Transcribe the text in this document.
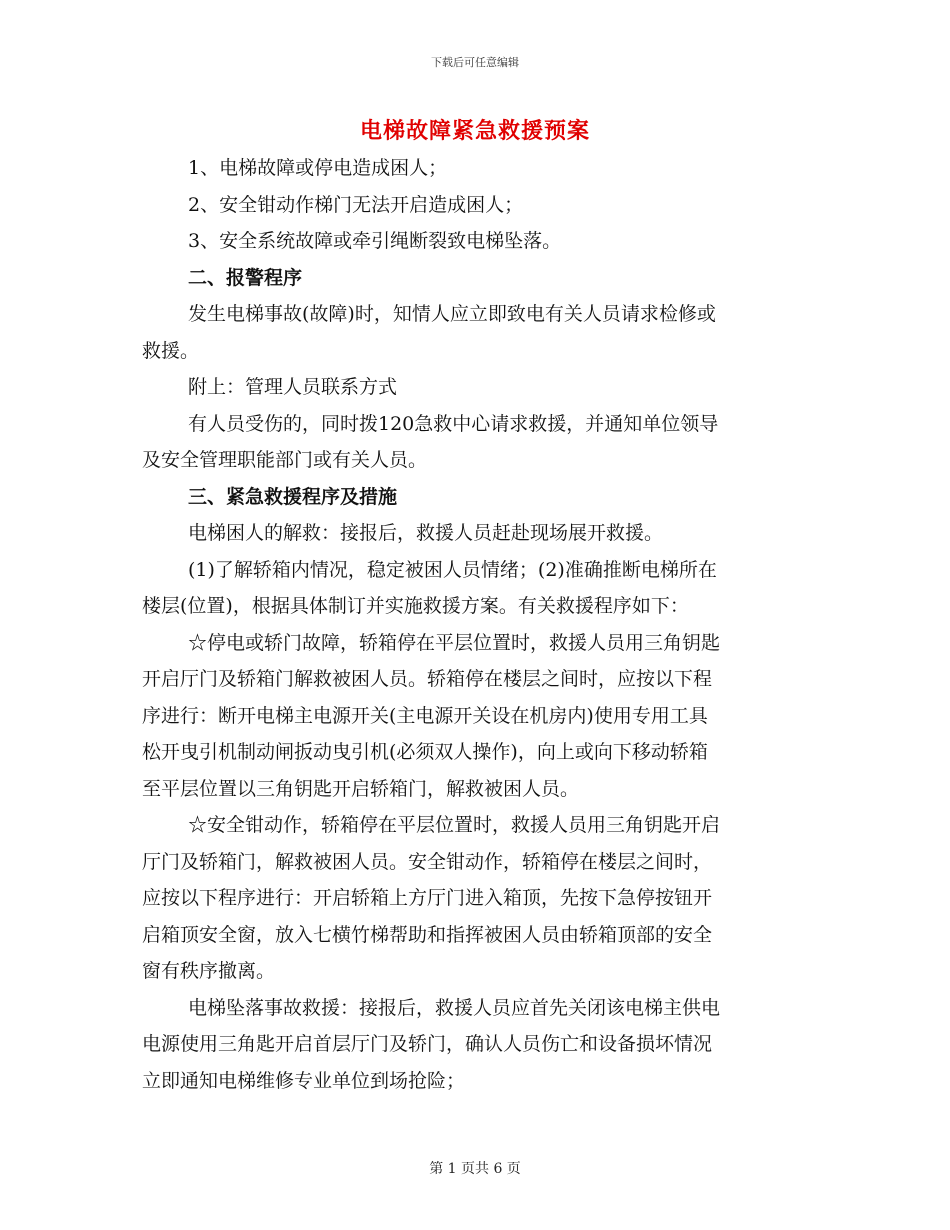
下载后可任意编辑
电梯故障紧急救援预案
1、电梯故障或停电造成困人；
2、安全钳动作梯门无法开启造成困人；
3、安全系统故障或牵引绳断裂致电梯坠落。
二、报警程序
发生电梯事故(故障)时，知情人应立即致电有关人员请求检修或
救援。
附上：管理人员联系方式
有人员受伤的，同时拨120急救中心请求救援，并通知单位领导
及安全管理职能部门或有关人员。
三、紧急救援程序及措施
电梯困人的解救：接报后，救援人员赶赴现场展开救援。
(1)了解轿箱内情况，稳定被困人员情绪；(2)准确推断电梯所在
楼层(位置)，根据具体制订并实施救援方案。有关救援程序如下：
☆停电或轿门故障，轿箱停在平层位置时，救援人员用三角钥匙
开启厅门及轿箱门解救被困人员。轿箱停在楼层之间时，应按以下程
序进行：断开电梯主电源开关(主电源开关设在机房内)使用专用工具
松开曳引机制动闸扳动曳引机(必须双人操作)，向上或向下移动轿箱
至平层位置以三角钥匙开启轿箱门，解救被困人员。
☆安全钳动作，轿箱停在平层位置时，救援人员用三角钥匙开启
厅门及轿箱门，解救被困人员。安全钳动作，轿箱停在楼层之间时，
应按以下程序进行：开启轿箱上方厅门进入箱顶，先按下急停按钮开
启箱顶安全窗，放入七横竹梯帮助和指挥被困人员由轿箱顶部的安全
窗有秩序撤离。
电梯坠落事故救援：接报后，救援人员应首先关闭该电梯主供电
电源使用三角匙开启首层厅门及轿门，确认人员伤亡和设备损坏情况
立即通知电梯维修专业单位到场抢险；
第 1 页共 6 页
